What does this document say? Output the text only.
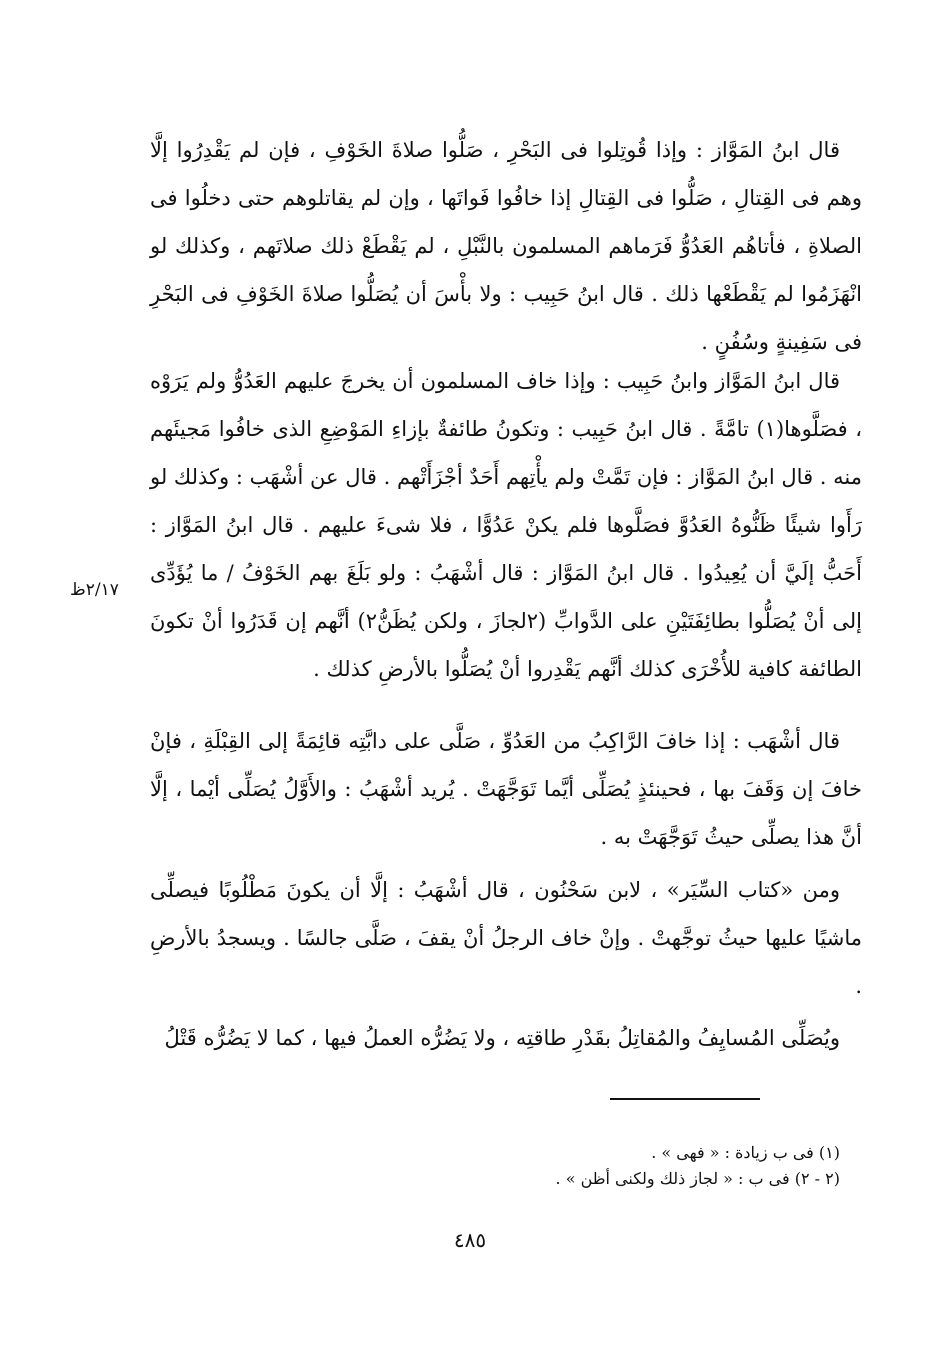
قال ابنُ المَوَّاز : وإذا قُوتِلوا فى البَحْرِ ، صَلُّوا صلاةَ الخَوْفِ ، فإن لم يَقْدِرُوا إلَّا وهم فى القِتالِ ، صَلُّوا فى القِتالِ إذا خافُوا فَواتَها ، وإن لم يقاتلوهم حتى دخلُوا فى الصلاةِ ، فأتاهُم العَدُوُّ فَرَماهم المسلمون بالنَّبْلِ ، لم يَقْطَعْ ذلك صلاتَهم ، وكذلك لو انْهَزَمُوا لم يَقْطَعْها ذلك . قال ابنُ حَبِيب : ولا بأْسَ أن يُصَلُّوا صلاةَ الخَوْفِ فى البَحْرِ فى سَفِينةٍ وسُفُنٍ .

قال ابنُ المَوَّاز وابنُ حَبِيب : وإذا خاف المسلمون أن يخرجَ عليهم العَدُوُّ ولم يَرَوْه ، فصَلَّوها(١) تامَّةً . قال ابنُ حَبِيب : وتكونُ طائفةٌ بإزاءِ المَوْضِعِ الذى خافُوا مَجيئَهم منه . قال ابنُ المَوَّاز : فإن تَمَّتْ ولم يأْتِهم أَحَدٌ أجْزَأَتْهم . قال عن أشْهَب : وكذلك لو رَأَوا شيئًا ظَنُّوهُ العَدُوَّ فصَلَّوها فلم يكنْ عَدُوًّا ، فلا شىءَ عليهم . قال ابنُ المَوَّاز : أَحَبُّ إلَيَّ أن يُعِيدُوا . قال ابنُ المَوَّاز : قال أشْهَبُ : ولو بَلَغَ بهم الخَوْفُ / ما يُؤَدِّى إلى أنْ يُصَلُّوا بطائِفَتَيْنِ على الدَّوابِّ (٢لجازَ ، ولكن يُظَنُّ٢) أنَّهم إن قَدَرُوا أنْ تكونَ الطائفة كافية للأُخْرَى كذلك أنَّهم يَقْدِروا أنْ يُصَلُّوا بالأرضِ كذلك .

٢/١٧ظ

قال أشْهَب : إذا خافَ الرَّاكِبُ من العَدُوِّ ، صَلَّى على دابَّتِه قائِمَةً إلى القِبْلَةِ ، فإنْ خافَ إن وَقَفَ بها ، فحينئذٍ يُصَلِّى أيَّما تَوَجَّهَتْ . يُريد أشْهَبُ : والأَوَّلُ يُصَلِّى أيْما ، إلَّا أنَّ هذا يصلِّى حيثُ تَوَجَّهَتْ به .

ومن «كتاب السِّيَر» ، لابن سَحْنُون ، قال أشْهَبُ : إلَّا أن يكونَ مَطْلُوبًا فيصلِّى ماشيًا عليها حيثُ توجَّهتْ . وإنْ خاف الرجلُ أنْ يقفَ ، صَلَّى جالسًا . ويسجدُ بالأرضِ .

ويُصَلِّى المُسايِفُ والمُقاتِلُ بقَدْرِ طاقتِه ، ولا يَضُرُّه العملُ فيها ، كما لا يَضُرُّه قَتْلُ

(١) فى ب زيادة : « فهى » .
(٢ - ٢) فى ب : « لجاز ذلك ولكنى أظن » .
٤٨٥
